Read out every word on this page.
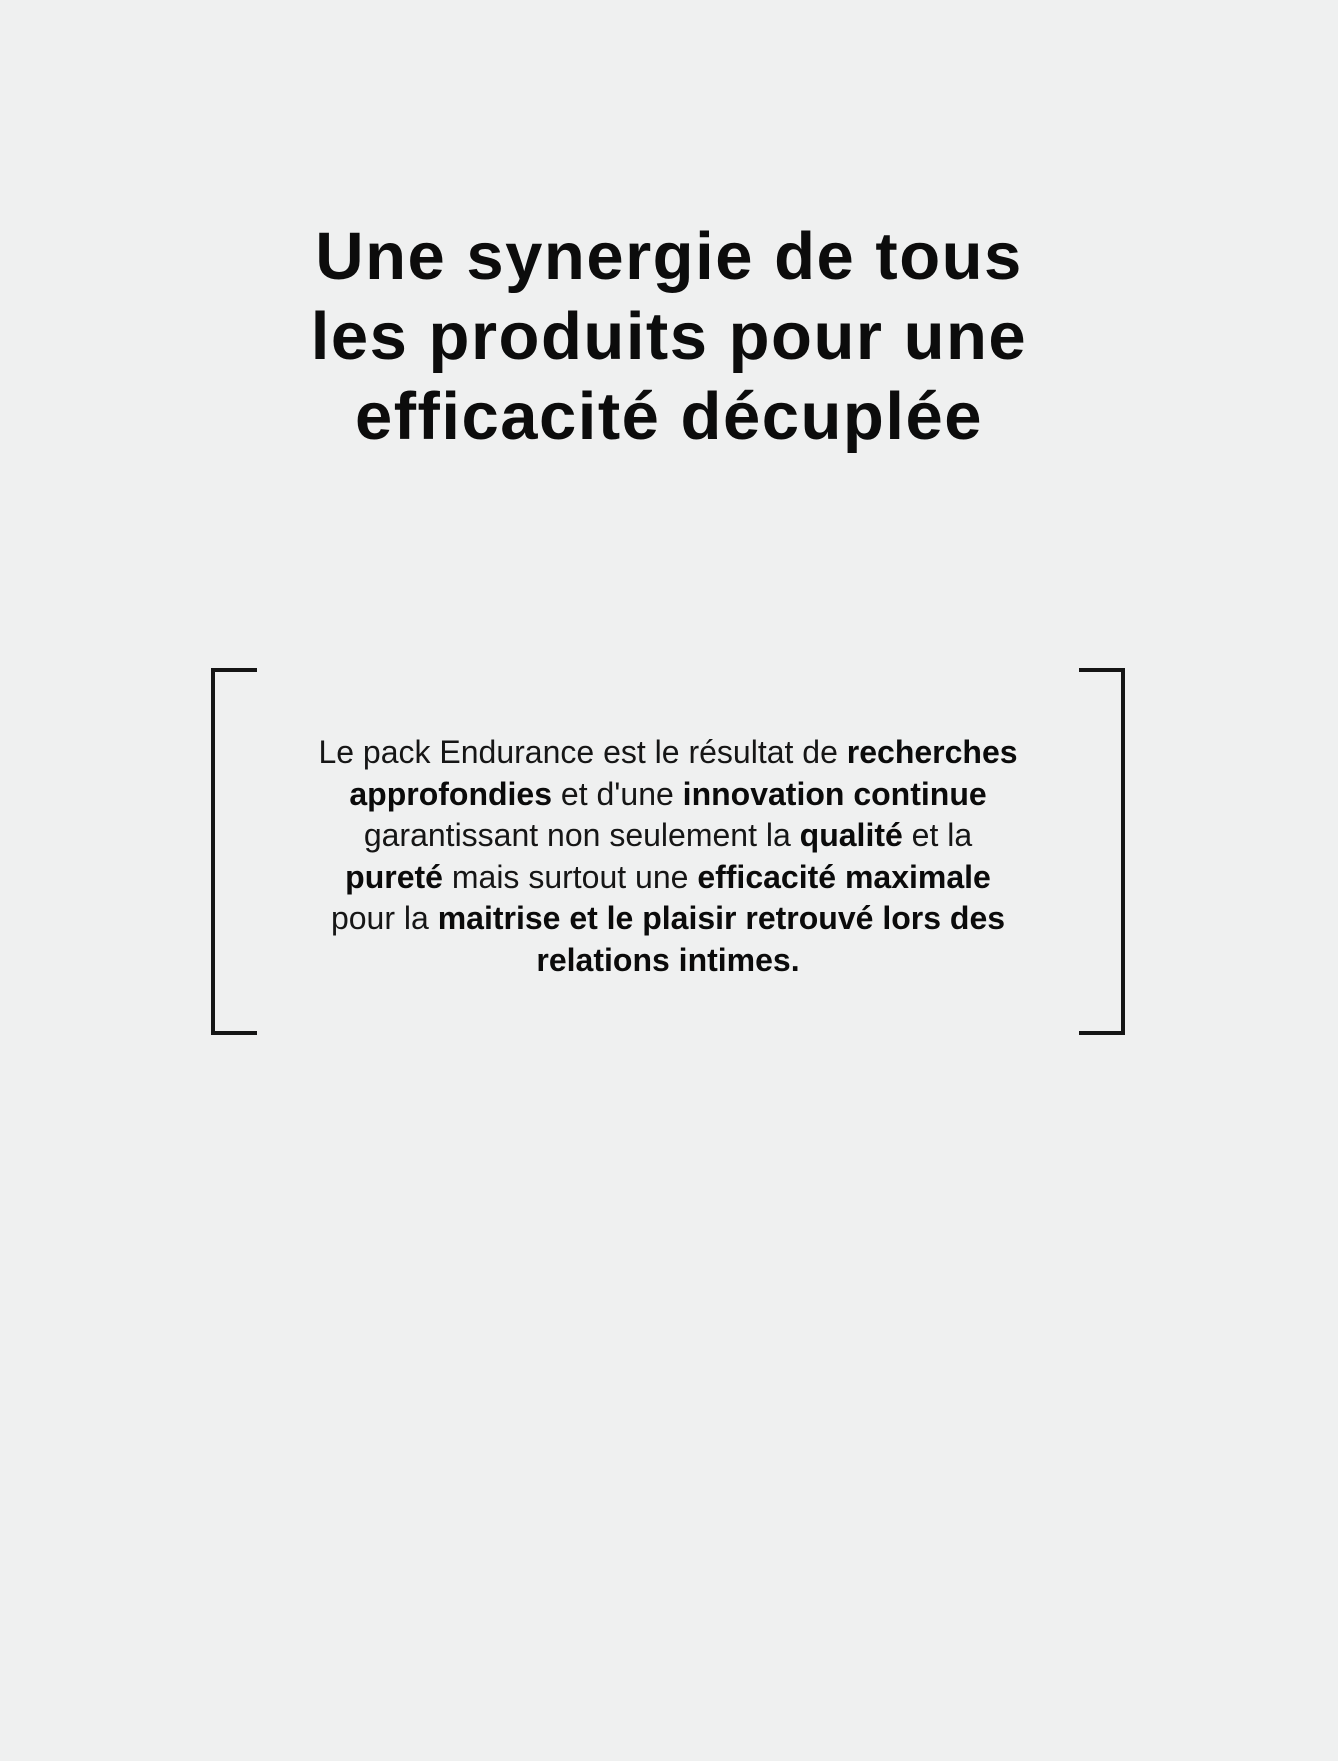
Une synergie de tous
les produits pour une
efficacité décuplée
Le pack Endurance est le résultat de recherches
approfondies et d'une innovation continue
garantissant non seulement la qualité et la
pureté mais surtout une efficacité maximale
pour la maitrise et le plaisir retrouvé lors des
relations intimes.
